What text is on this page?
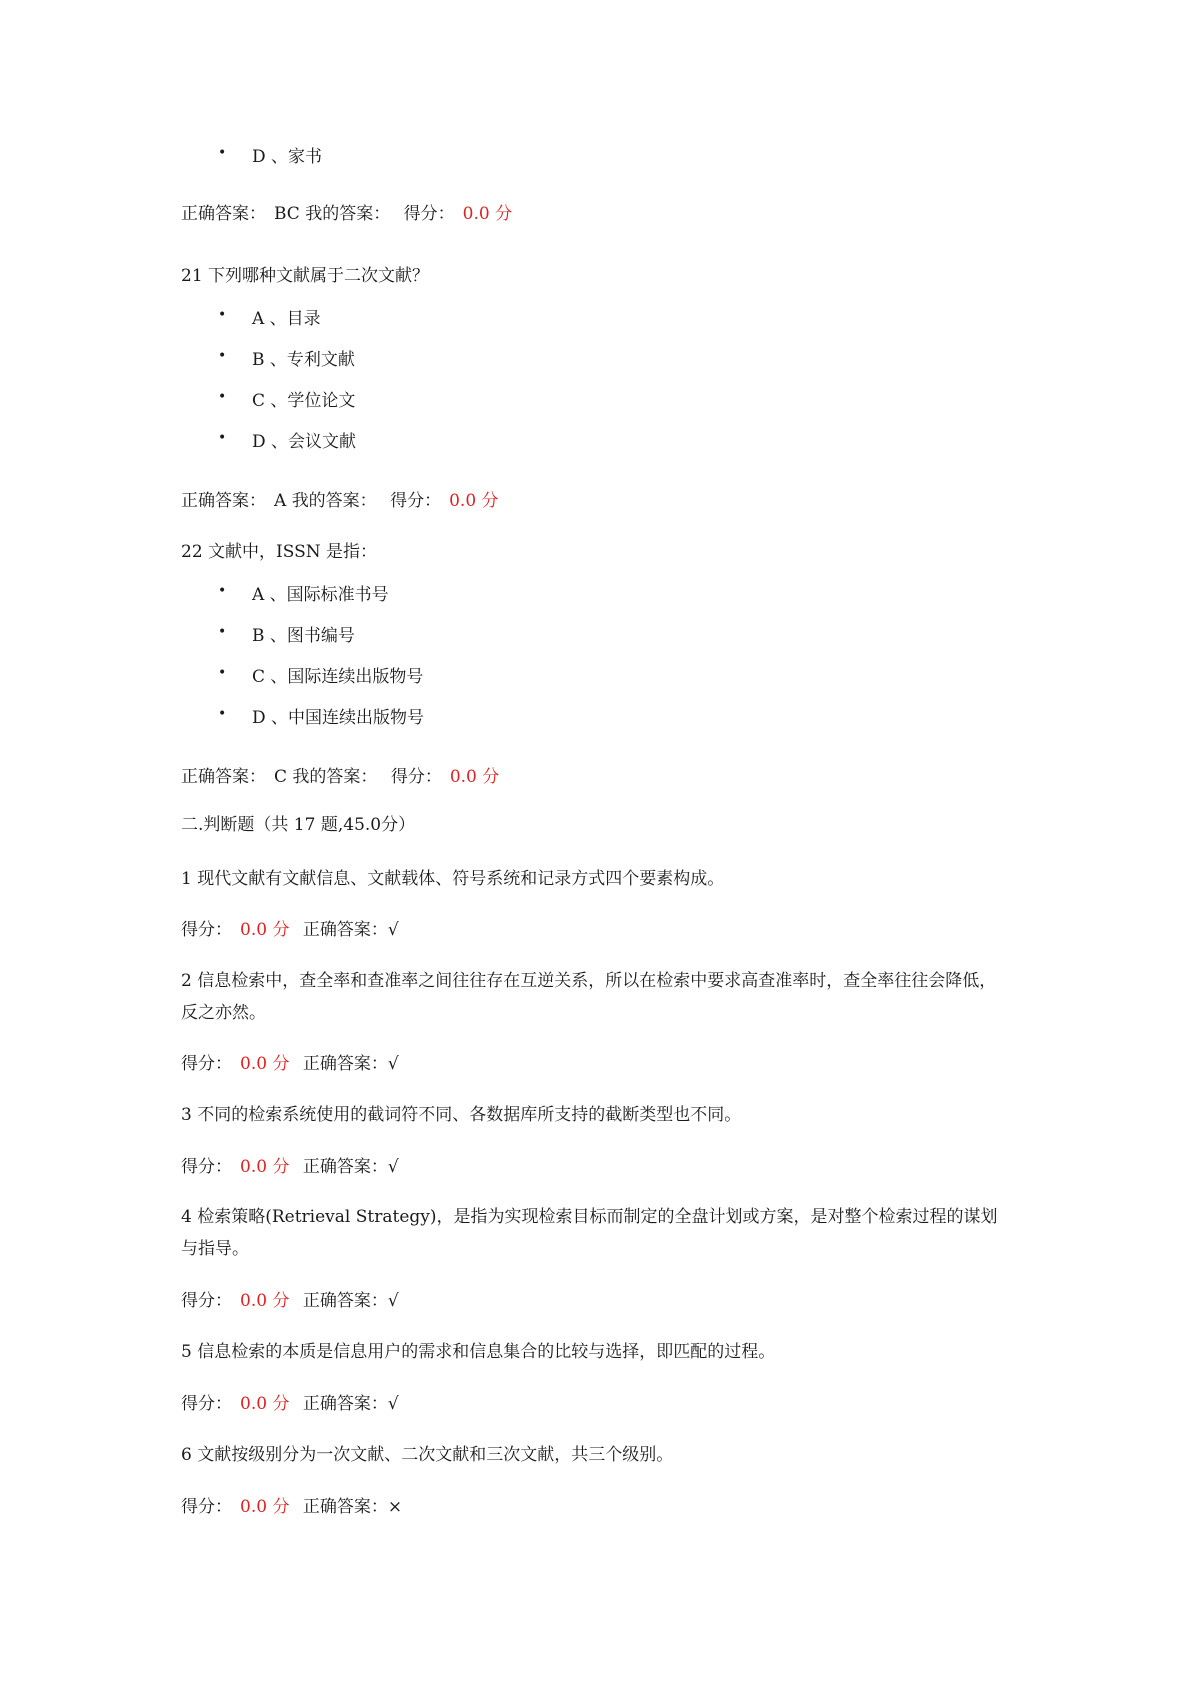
• D 、家书
正确答案： BC 我的答案： 得分： 0.0 分
21 下列哪种文献属于二次文献？
• A 、目录
• B 、专利文献
• C 、学位论文
• D 、会议文献
正确答案： A 我的答案： 得分： 0.0 分
22 文献中，ISSN 是指：
• A 、国际标准书号
• B 、图书编号
• C 、国际连续出版物号
• D 、中国连续出版物号
正确答案： C 我的答案： 得分： 0.0 分
二.判断题（共 17 题,45.0分）
1 现代文献有文献信息、文献载体、符号系统和记录方式四个要素构成。
得分： 0.0 分 正确答案：√
2 信息检索中，查全率和查准率之间往往存在互逆关系，所以在检索中要求高查准率时，查全率往往会降低，反之亦然。
得分： 0.0 分 正确答案：√
3 不同的检索系统使用的截词符不同、各数据库所支持的截断类型也不同。
得分： 0.0 分 正确答案：√
4 检索策略(Retrieval Strategy)，是指为实现检索目标而制定的全盘计划或方案，是对整个检索过程的谋划与指导。
得分： 0.0 分 正确答案：√
5 信息检索的本质是信息用户的需求和信息集合的比较与选择，即匹配的过程。
得分： 0.0 分 正确答案：√
6 文献按级别分为一次文献、二次文献和三次文献，共三个级别。
得分： 0.0 分 正确答案：×
